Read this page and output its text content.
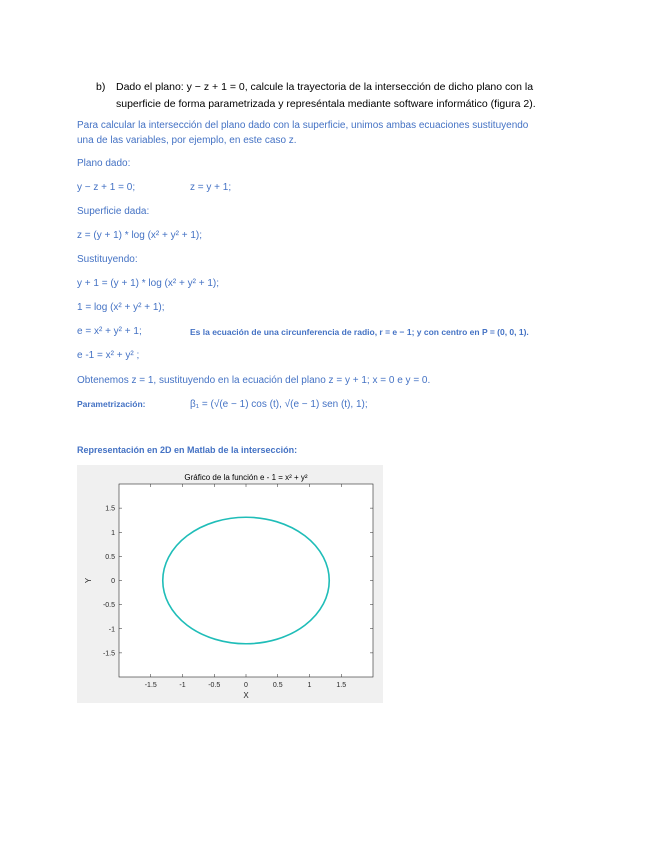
b)	Dado el plano: y − z + 1 = 0, calcule la trayectoria de la intersección de dicho plano con la
superficie de forma parametrizada y represéntala mediante software informático (figura 2).
Para calcular la intersección del plano dado con la superficie, unimos ambas ecuaciones sustituyendo
una de las variables, por ejemplo, en este caso z.
Plano dado:
y − z + 1 = 0;	z = y + 1;
Superficie dada:
z = (y + 1) * log (x² + y² + 1);
Sustituyendo:
y + 1 = (y + 1) * log (x² + y² + 1);
1 = log (x² + y² + 1);
e = x² + y² + 1;	Es la ecuación de una circunferencia de radio, r = e − 1; y con centro en P = (0, 0, 1).
e -1 = x² + y² ;
Obtenemos z = 1, sustituyendo en la ecuación del plano z = y + 1; x = 0 e y = 0.
Parametrización:	β₁ = (√(e − 1) cos (t), √(e − 1) sen (t), 1);
Representación en 2D en Matlab de la intersección:
-1.5	-1	-0.5	0	0.5	1	1.5
1.5
1
0.5
0
-0.5
-1
-1.5
Gráfico de la función e - 1 = x² + y²
X
Y
